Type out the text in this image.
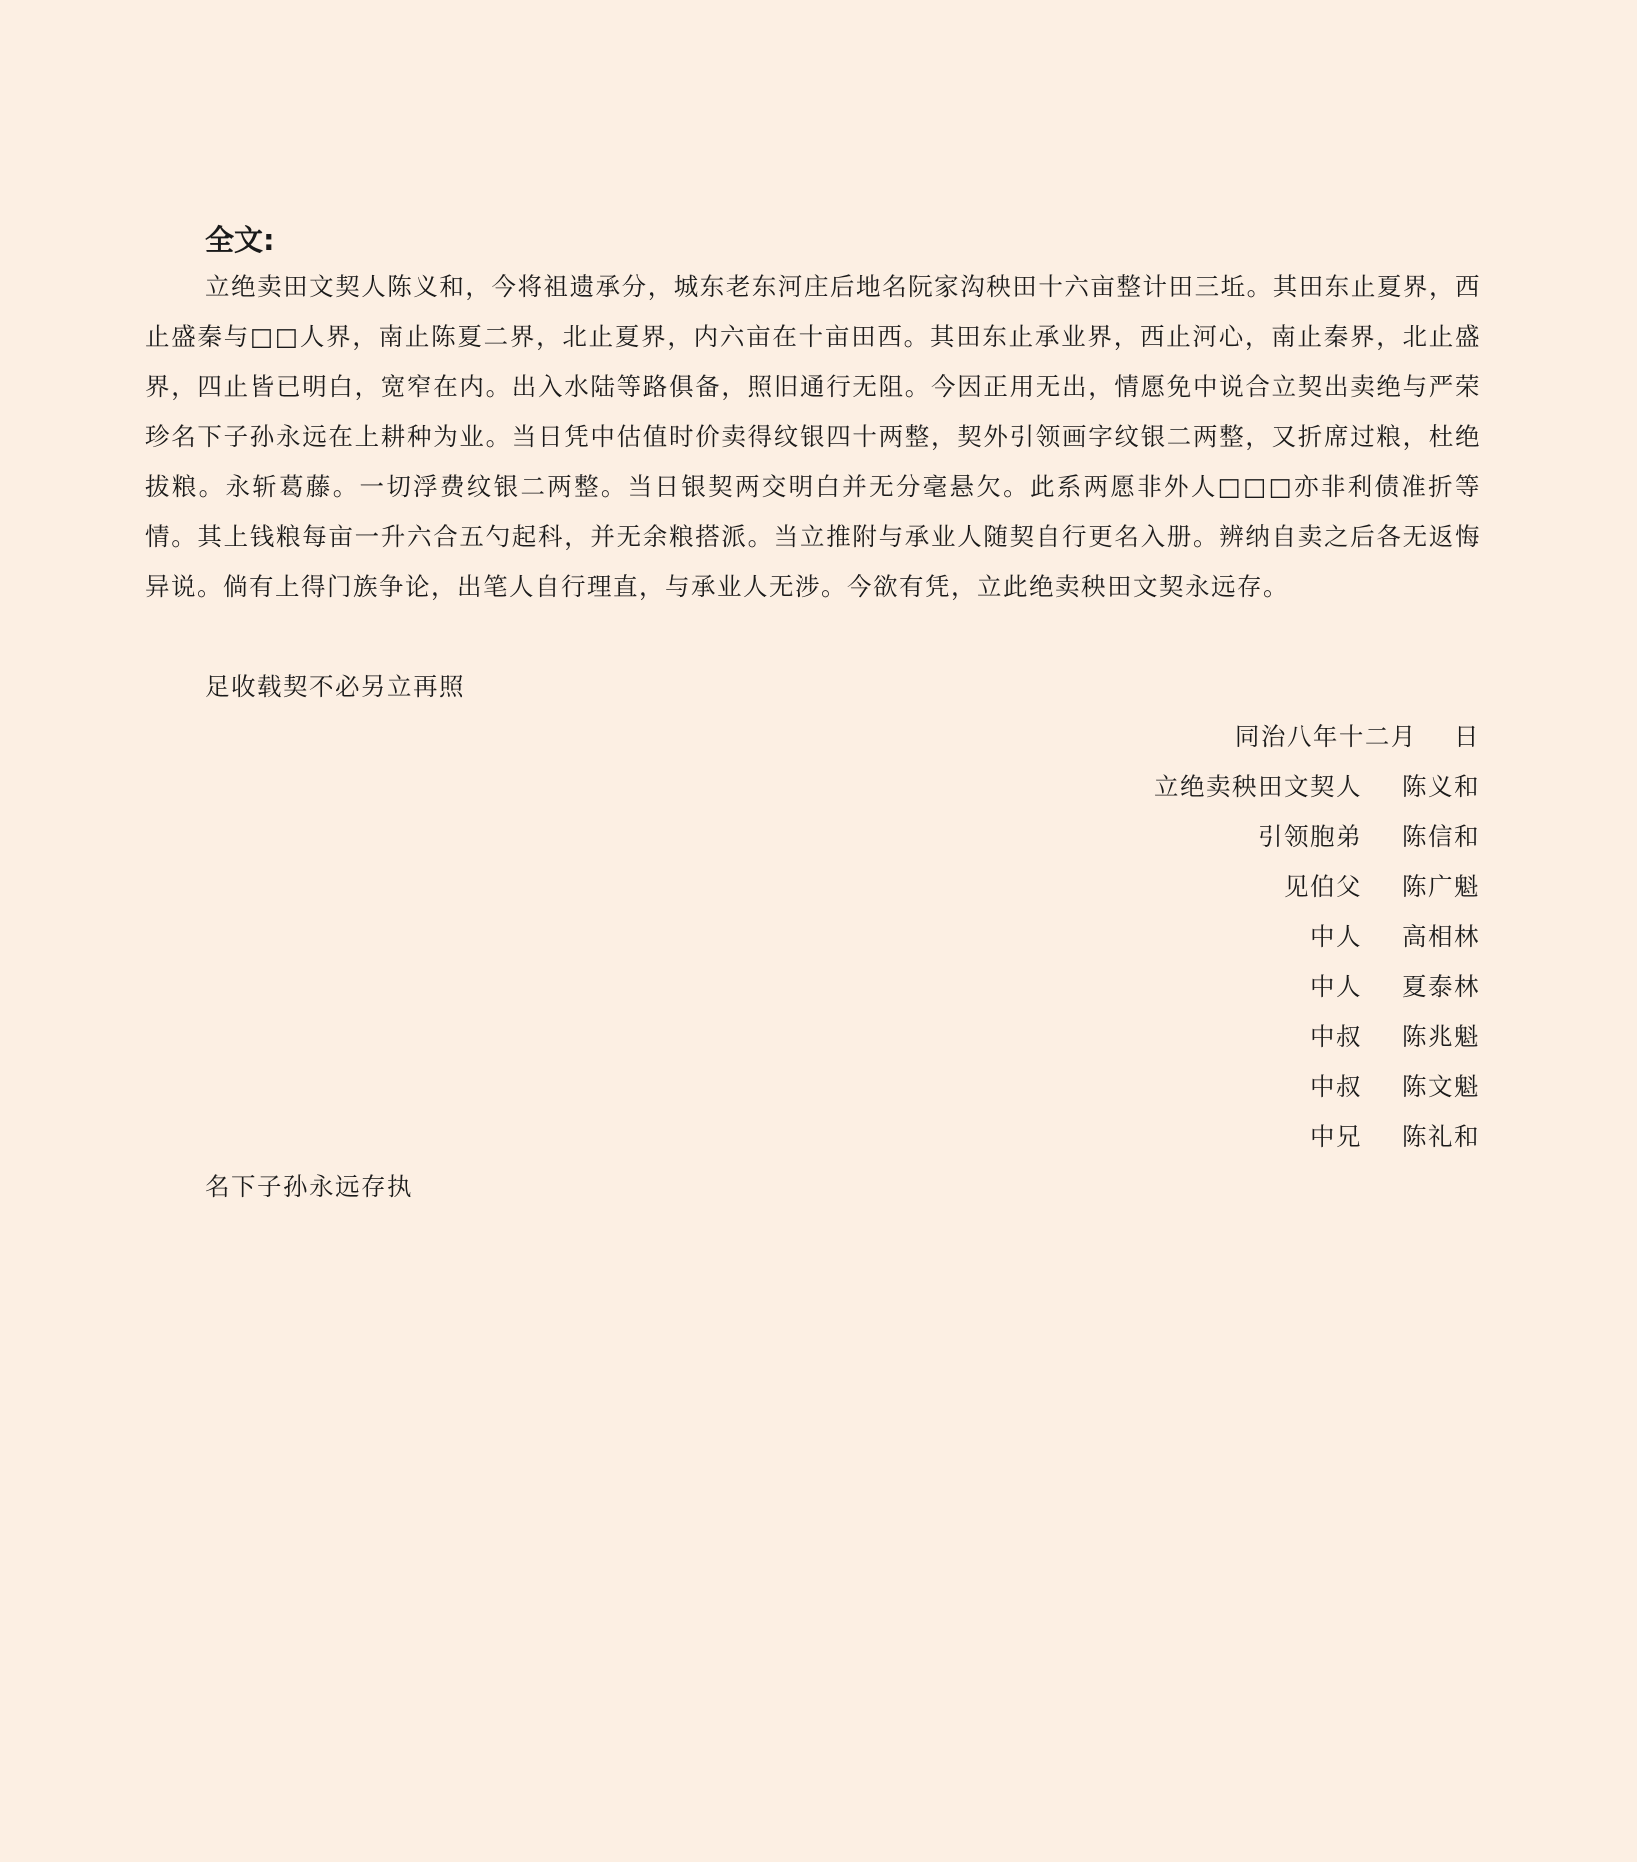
全文:

立绝卖田文契人陈义和，今将祖遗承分，城东老东河庄后地名阮家沟秧田十六亩整计田三坵。其田东止夏界，西止盛秦与□□人界，南止陈夏二界，北止夏界，内六亩在十亩田西。其田东止承业界，西止河心，南止秦界，北止盛界，四止皆已明白，宽窄在内。出入水陆等路俱备，照旧通行无阻。今因正用无出，情愿免中说合立契出卖绝与严荣珍名下子孙永远在上耕种为业。当日凭中估值时价卖得纹银四十两整，契外引领画字纹银二两整，又折席过粮，杜绝拔粮。永斩葛藤。一切浮费纹银二两整。当日银契两交明白并无分毫悬欠。此系两愿非外人□□□亦非利债准折等情。其上钱粮每亩一升六合五勺起科，并无余粮搭派。当立推附与承业人随契自行更名入册。辨纳自卖之后各无返悔异说。倘有上得门族争论，出笔人自行理直，与承业人无涉。今欲有凭，立此绝卖秧田文契永远存。

足收载契不必另立再照

同治八年十二月    日

立绝卖秧田文契人 陈义和
引领胞弟 陈信和
见伯父 陈广魁
中人 高相林
中人 夏泰林
中叔 陈兆魁
中叔 陈文魁
中兄 陈礼和

名下子孙永远存执
